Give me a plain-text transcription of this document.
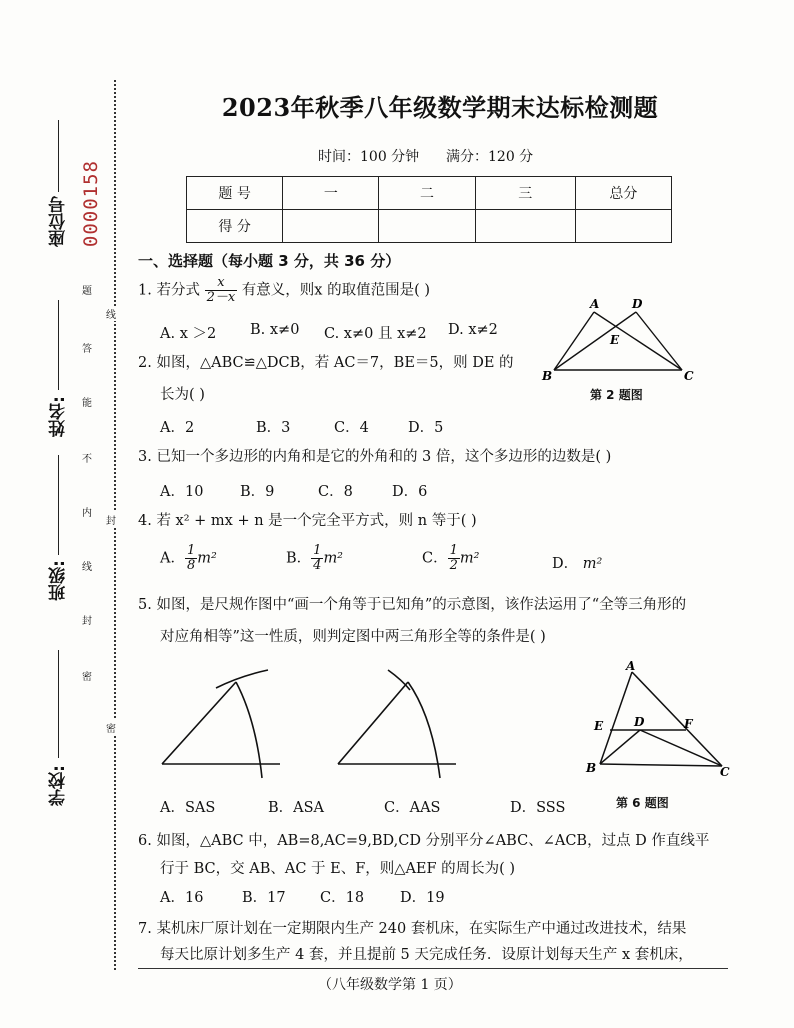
座位号 0000158
姓名:
班级:
学校:
题
答
能
不
内
线
封
密
线
封
密
2023年秋季八年级数学期末达标检测题
时间：100 分钟 满分：120 分
题 号	一	二	三	总分
得 分				
一、选择题（每小题 3 分，共 36 分）
1. 若分式 $\frac{x}{2-x}$ 有意义，则x 的取值范围是( )
A. x ＞2 B. x≠0 C. x≠0 且 x≠2 D. x≠2
2. 如图，△ABC≌△DCB，若 AC＝7，BE＝5，则 DE 的
长为( )
A．2	B．3	C．4	D．5
A	D
E
B	C
第 2 题图
3. 已知一个多边形的内角和是它的外角和的 3 倍，这个多边形的边数是( )
A．10	B．9	C．8	D．6
4. 若 x² + mx + n 是一个完全平方式，则 n 等于( )
A． $\frac{1}{8} m^2$	B． $\frac{1}{4} m^2$	C． $\frac{1}{2} m^2$	D． m²
5. 如图，是尺规作图中“画一个角等于已知角”的示意图，该作法运用了“全等三角形的
对应角相等”这一性质，则判定图中两三角形全等的条件是( )
A
E	D	F
B	C
A．SAS	B．ASA	C．AAS	D．SSS	第 6 题图
6. 如图，△ABC 中，AB=8,AC=9,BD,CD 分别平分∠ABC、∠ACB，过点 D 作直线平
行于 BC，交 AB、AC 于 E、F，则△AEF 的周长为( )
A．16	B．17 C．18 D．19
7. 某机床厂原计划在一定期限内生产 240 套机床，在实际生产中通过改进技术，结果
每天比原计划多生产 4 套，并且提前 5 天完成任务．设原计划每天生产 x 套机床，
（八年级数学第 1 页）
